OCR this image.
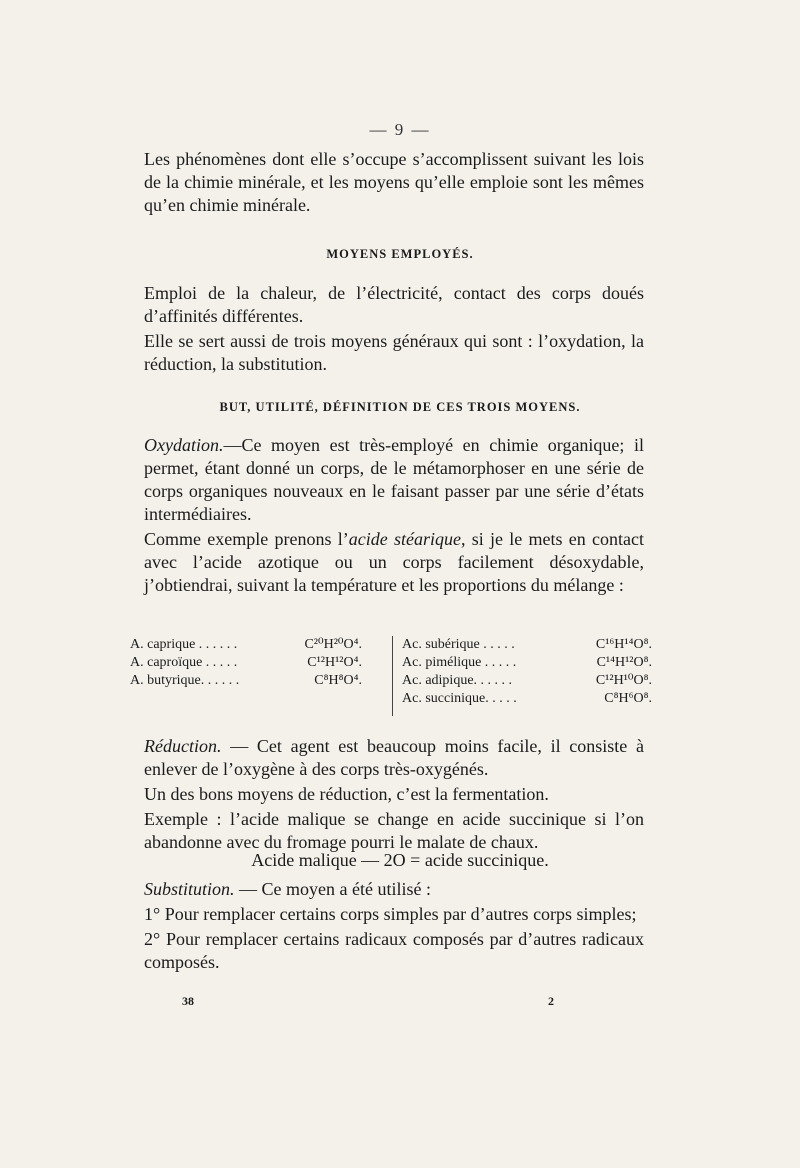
— 9 —

Les phénomènes dont elle s’occupe s’accomplissent suivant les lois de la chimie minérale, et les moyens qu’elle emploie sont les mêmes qu’en chimie minérale.

MOYENS EMPLOYÉS.

Emploi de la chaleur, de l’électricité, contact des corps doués d’affinités différentes.

Elle se sert aussi de trois moyens généraux qui sont : l’oxydation, la réduction, la substitution.

BUT, UTILITÉ, DÉFINITION DE CES TROIS MOYENS.

Oxydation.—Ce moyen est très-employé en chimie organique; il permet, étant donné un corps, de le métamorphoser en une série de corps organiques nouveaux en le faisant passer par une série d’états intermédiaires.

Comme exemple prenons l’acide stéarique, si je le mets en contact avec l’acide azotique ou un corps facilement désoxydable, j’obtiendrai, suivant la température et les proportions du mélange :

A. caprique . . . . . .	C²⁰H²⁰O⁴.
A. caproïque . . . . .	C¹²H¹²O⁴.
A. butyrique. . . . . .	C⁸H⁸O⁴.
Ac. subérique . . . . .	C¹⁶H¹⁴O⁸.
Ac. pimélique . . . . .	C¹⁴H¹²O⁸.
Ac. adipique. . . . . .	C¹²H¹⁰O⁸.
Ac. succinique. . . . .	C⁸H⁶O⁸.

Réduction. — Cet agent est beaucoup moins facile, il consiste à enlever de l’oxygène à des corps très-oxygénés.

Un des bons moyens de réduction, c’est la fermentation.

Exemple : l’acide malique se change en acide succinique si l’on abandonne avec du fromage pourri le malate de chaux.

Acide malique — 2O = acide succinique.

Substitution. — Ce moyen a été utilisé :

1° Pour remplacer certains corps simples par d’autres corps simples;

2° Pour remplacer certains radicaux composés par d’autres radicaux composés.

38	2
